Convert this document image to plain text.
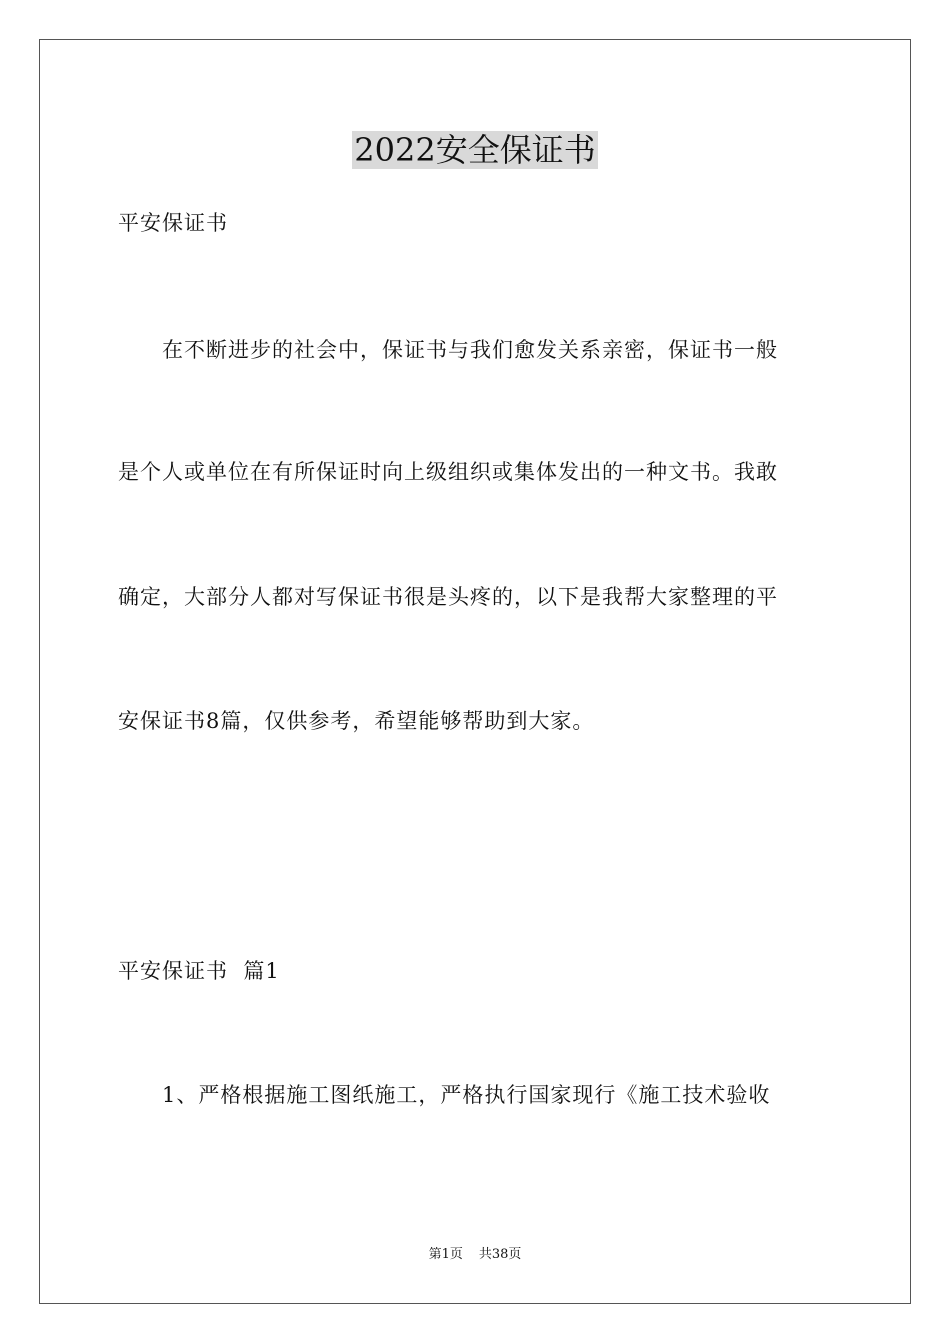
2022安全保证书
平安保证书
在不断进步的社会中，保证书与我们愈发关系亲密，保证书一般
是个人或单位在有所保证时向上级组织或集体发出的一种文书。我敢
确定，大部分人都对写保证书很是头疼的，以下是我帮大家整理的平
安保证书8篇，仅供参考，希望能够帮助到大家。
平安保证书  篇1
1、严格根据施工图纸施工，严格执行国家现行《施工技术验收
第1页 共38页
